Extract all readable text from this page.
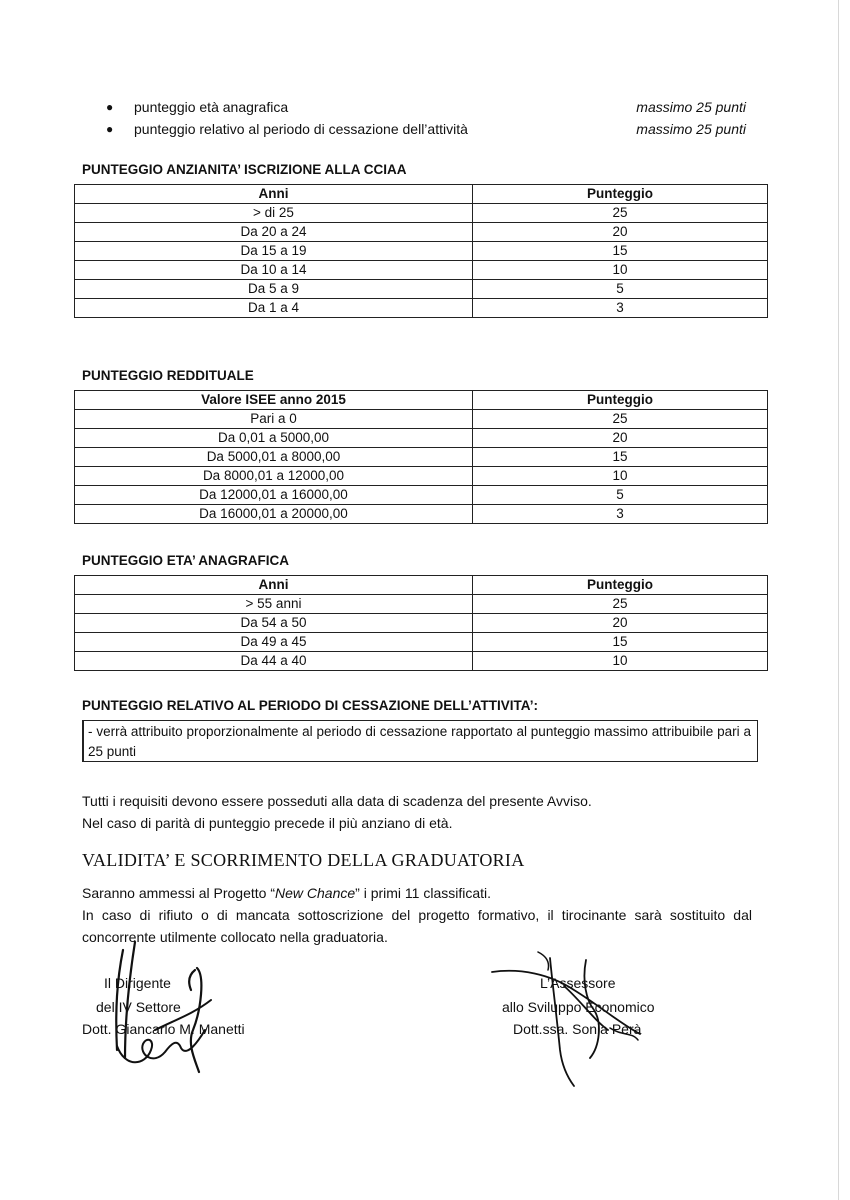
● punteggio età anagrafica	massimo 25 punti
● punteggio relativo al periodo di cessazione dell’attività	massimo 25 punti
PUNTEGGIO ANZIANITA’ ISCRIZIONE ALLA CCIAA
Anni	Punteggio
> di 25	25
Da 20 a 24	20
Da 15 a 19	15
Da 10 a 14	10
Da 5 a 9	5
Da 1 a 4	3
PUNTEGGIO REDDITUALE
Valore ISEE anno 2015	Punteggio
Pari a 0	25
Da 0,01 a 5000,00	20
Da 5000,01 a 8000,00	15
Da 8000,01 a 12000,00	10
Da 12000,01 a 16000,00	5
Da 16000,01 a 20000,00	3
PUNTEGGIO ETA’ ANAGRAFICA
Anni	Punteggio
> 55 anni	25
Da 54 a 50	20
Da 49 a 45	15
Da 44 a 40	10
PUNTEGGIO RELATIVO AL PERIODO DI CESSAZIONE DELL’ATTIVITA’:
- verrà attribuito proporzionalmente al periodo di cessazione rapportato al punteggio massimo attribuibile pari a 25 punti
Tutti i requisiti devono essere posseduti alla data di scadenza del presente Avviso.
Nel caso di parità di punteggio precede il più anziano di età.
VALIDITA’ E SCORRIMENTO DELLA GRADUATORIA
Saranno ammessi al Progetto “New Chance” i primi 11 classificati.
In caso di rifiuto o di mancata sottoscrizione del progetto formativo, il tirocinante sarà sostituito dal concorrente utilmente collocato nella graduatoria.
Il Dirigente
del IV Settore
Dott. Giancarlo M. Manetti
L’Assessore
allo Sviluppo Economico
Dott.ssa. Sonia Perà
